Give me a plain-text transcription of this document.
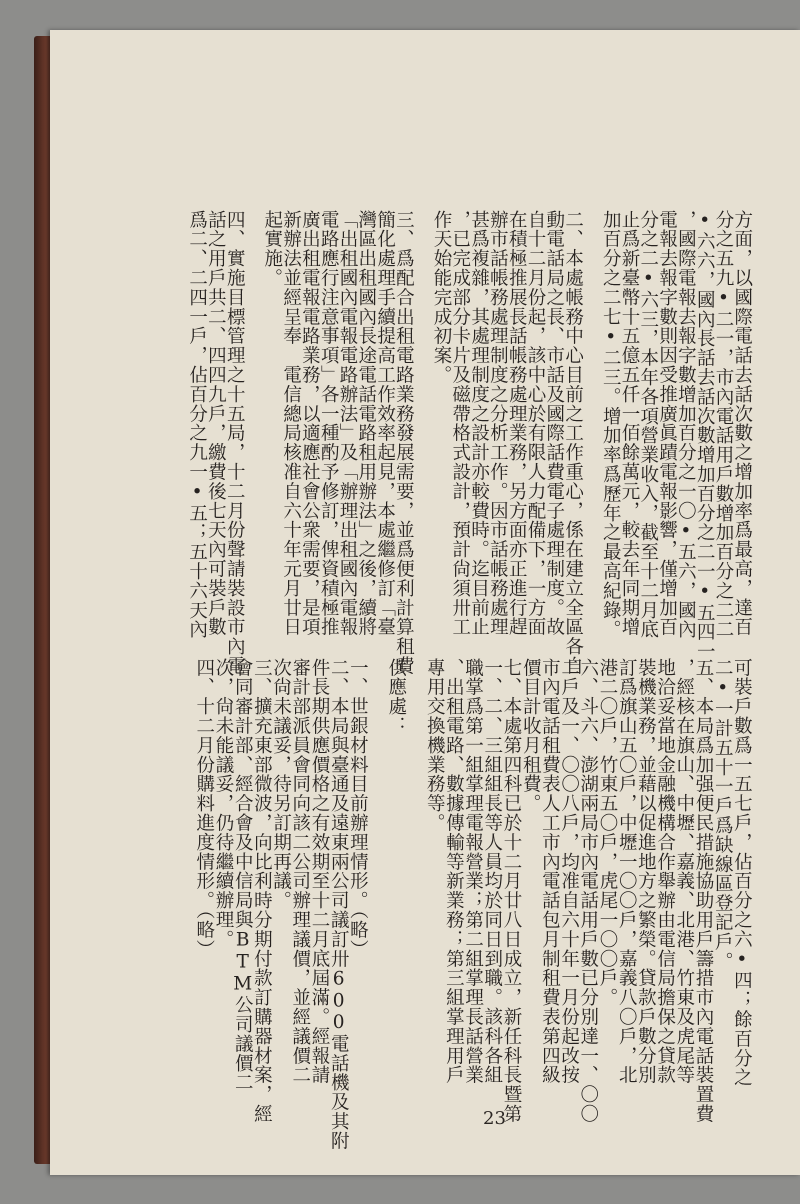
方面，以國際電話去話次數之增加率爲最高，達百
分之五九•二一，市內電話用戶數增加百分之二二
•六六，國內長話去話次數增加百分之二一•五四一
，國際電報去報字數增加百分之一〇•五六，國內
電報去報字數則因受推廣眞蹟電報影響，僅增加百
分之二•六三，本年各項營業收入，截至十二月底
止爲新臺幣十五億五仟一佰餘萬元，較去年同期增
加百分之二七•二三。增加率爲歷年之最高紀錄。
二、本處帳務中心目前之工作重心，係在建立全區各自
動電話局之長、市話及國際話費電子處理制度。故
自十二月份起，該中心於有限人力配備下，一方面
在積極推展長話帳務處理業務，另方面亦正進行趕
辦市話帳務處理制度之分析工作。因市話帳務處理
甚爲複雜，其處理制度之設計亦較費時。迄目前止
，已完成部分卡片及磁帶格式設計，預計尙須卅工
作天始能完成初案。
三、爲配合出租電路業務發展需要，並爲便利計算租費
簡化處理手續提高工作效率起見，本處繼修訂「臺
灣區出租國內長途電話電路租用辦法」之後，續將
「出租國內電報電路辦法」及「辦理出租國內電報
電路應行注意事項」各一種酌予修訂，俾資積極推
廣出租電報電路業務，以適應社會公衆需要，是項
新辦法並經呈奉　電信總局核准自六十年元月廿日
起實施。
四、實施目標管理之十五局，十二月份聲請裝設市內電
話之用戶共二、四四九戶，繳費後七天內可裝戶數
爲二、二四一戶，佔百分之九一•五；五十六天內
可裝戶數爲一五七戶，佔百分之六•四；餘百分之
二•一計五十一戶爲缺線區登記戶。
五、本局爲加强便民措施協助用戶籌措市內電話裝置費
，經核在旗山、中壢、嘉義、北港、竹東及虎尾等
地洽妥當地金融機構合作舉辦由電信局擔保之貸款
裝機業務，並藉以促進地方之繁榮。貸款戶數分別
訂爲旗山五〇戶，中壢一〇〇戶，嘉義八〇戶，北
港二〇戶，竹東五〇戶，虎尾一〇〇戶。
六、斗六、澎湖兩局市內電話用戶數已分別達一、〇〇
二戶及一、〇〇八戶，均准自六十年一月份起改按
市內電話租費表人工市內電話包月制租費表第四級
價目計收月租費。
七、本處第四科已於十二月廿八日成立，新任科長暨第
一、二、三組組長等人員均於同日到職。該科各組
職掌爲第一組掌理電報營業；第二組掌理長話營業
、出租電路、數據傳輸等新業務；第三組掌理用戶
專用交換機業務等。
供應處：
一、世銀材料目前辦理情形。（略）
二、本局與臺通及遠東兩公司議訂卅600電話機及其附
件長期供應價格之有效期至十二月底屆滿。經報請
審計部派員會同向該二公司辦理議價，並經議價二
次尙未議妥，待另訂期再議。
三、擴充東部微波，向比利時分期付款訂購器材案，經
會同審計部、經合會及中信局與BTM公司議價二
次，尙未能議妥，仍待繼續辦理。
四、十二月份購料進度情形。（略）
23
